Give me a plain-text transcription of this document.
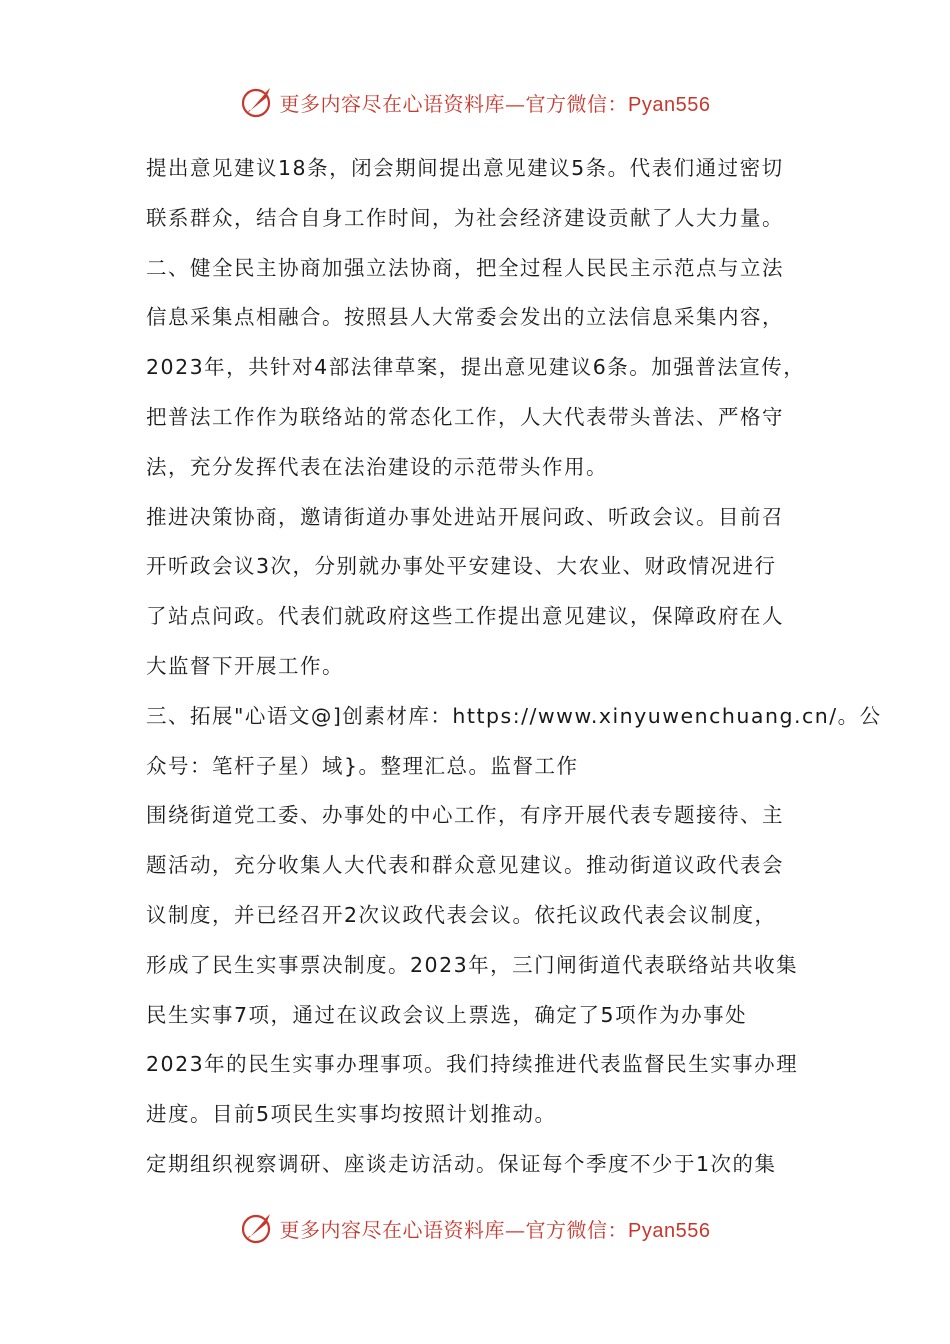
更多内容尽在心语资料库—官方微信：Pyan556
提出意见建议18条，闭会期间提出意见建议5条。代表们通过密切
联系群众，结合自身工作时间，为社会经济建设贡献了人大力量。
二、健全民主协商加强立法协商，把全过程人民民主示范点与立法
信息采集点相融合。按照县人大常委会发出的立法信息采集内容，
2023年，共针对4部法律草案，提出意见建议6条。加强普法宣传，
把普法工作作为联络站的常态化工作，人大代表带头普法、严格守
法，充分发挥代表在法治建设的示范带头作用。
推进决策协商，邀请街道办事处进站开展问政、听政会议。目前召
开听政会议3次，分别就办事处平安建设、大农业、财政情况进行
了站点问政。代表们就政府这些工作提出意见建议，保障政府在人
大监督下开展工作。
三、拓展"心语文@]创素材库：https://www.xinyuwenchuang.cn/。公
众号：笔杆子星）域}。整理汇总。监督工作
围绕街道党工委、办事处的中心工作，有序开展代表专题接待、主
题活动，充分收集人大代表和群众意见建议。推动街道议政代表会
议制度，并已经召开2次议政代表会议。依托议政代表会议制度，
形成了民生实事票决制度。2023年，三门闸街道代表联络站共收集
民生实事7项，通过在议政会议上票选，确定了5项作为办事处
2023年的民生实事办理事项。我们持续推进代表监督民生实事办理
进度。目前5项民生实事均按照计划推动。
定期组织视察调研、座谈走访活动。保证每个季度不少于1次的集
更多内容尽在心语资料库—官方微信：Pyan556
